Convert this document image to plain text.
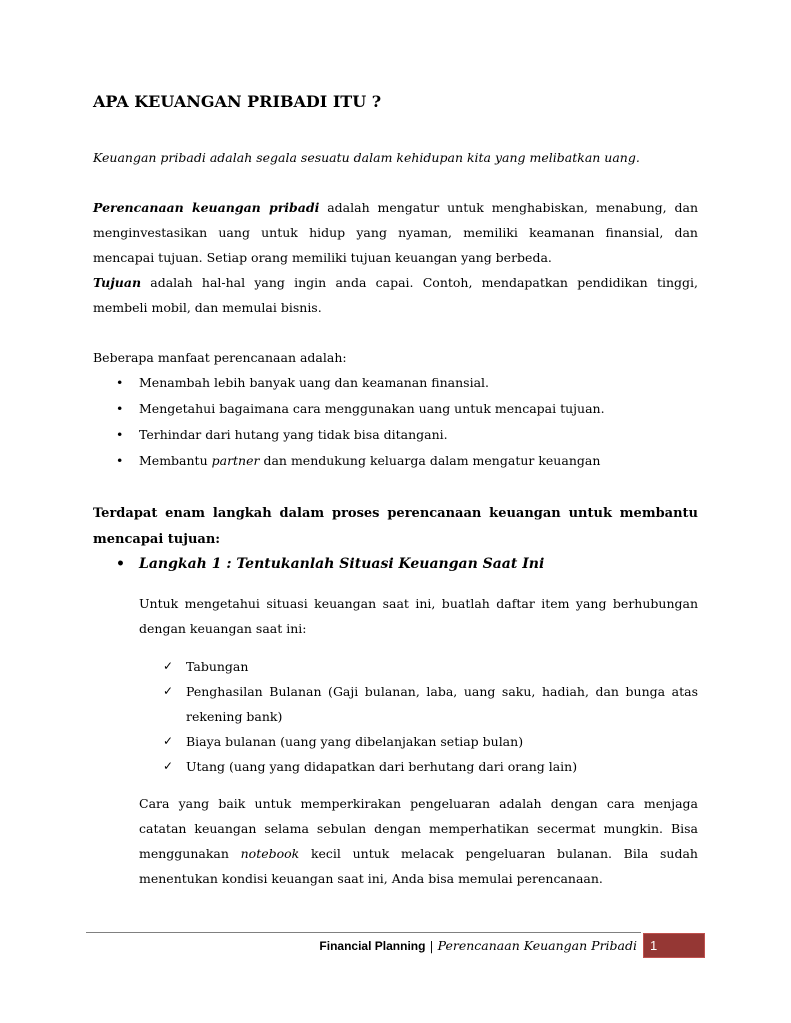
APA KEUANGAN PRIBADI ITU ?

Keuangan pribadi adalah segala sesuatu dalam kehidupan kita yang melibatkan uang.

Perencanaan keuangan pribadi adalah mengatur untuk menghabiskan, menabung, dan menginvestasikan uang untuk hidup yang nyaman, memiliki keamanan finansial, dan mencapai tujuan. Setiap orang memiliki tujuan keuangan yang berbeda.

Tujuan adalah hal-hal yang ingin anda capai. Contoh, mendapatkan pendidikan tinggi, membeli mobil, dan memulai bisnis.

Beberapa manfaat perencanaan adalah:

• Menambah lebih banyak uang dan keamanan finansial.
• Mengetahui bagaimana cara menggunakan uang untuk mencapai tujuan.
• Terhindar dari hutang yang tidak bisa ditangani.
• Membantu partner dan mendukung keluarga dalam mengatur keuangan

Terdapat enam langkah dalam proses perencanaan keuangan untuk membantu mencapai tujuan:

• Langkah 1 : Tentukanlah Situasi Keuangan Saat Ini

Untuk mengetahui situasi keuangan saat ini, buatlah daftar item yang berhubungan dengan keuangan saat ini:

✓ Tabungan
✓ Penghasilan Bulanan (Gaji bulanan, laba, uang saku, hadiah, dan bunga atas rekening bank)
✓ Biaya bulanan (uang yang dibelanjakan setiap bulan)
✓ Utang (uang yang didapatkan dari berhutang dari orang lain)

Cara yang baik untuk memperkirakan pengeluaran adalah dengan cara menjaga catatan keuangan selama sebulan dengan memperhatikan secermat mungkin. Bisa menggunakan notebook kecil untuk melacak pengeluaran bulanan. Bila sudah menentukan kondisi keuangan saat ini, Anda bisa memulai perencanaan.

Financial Planning | Perencanaan Keuangan Pribadi	1
